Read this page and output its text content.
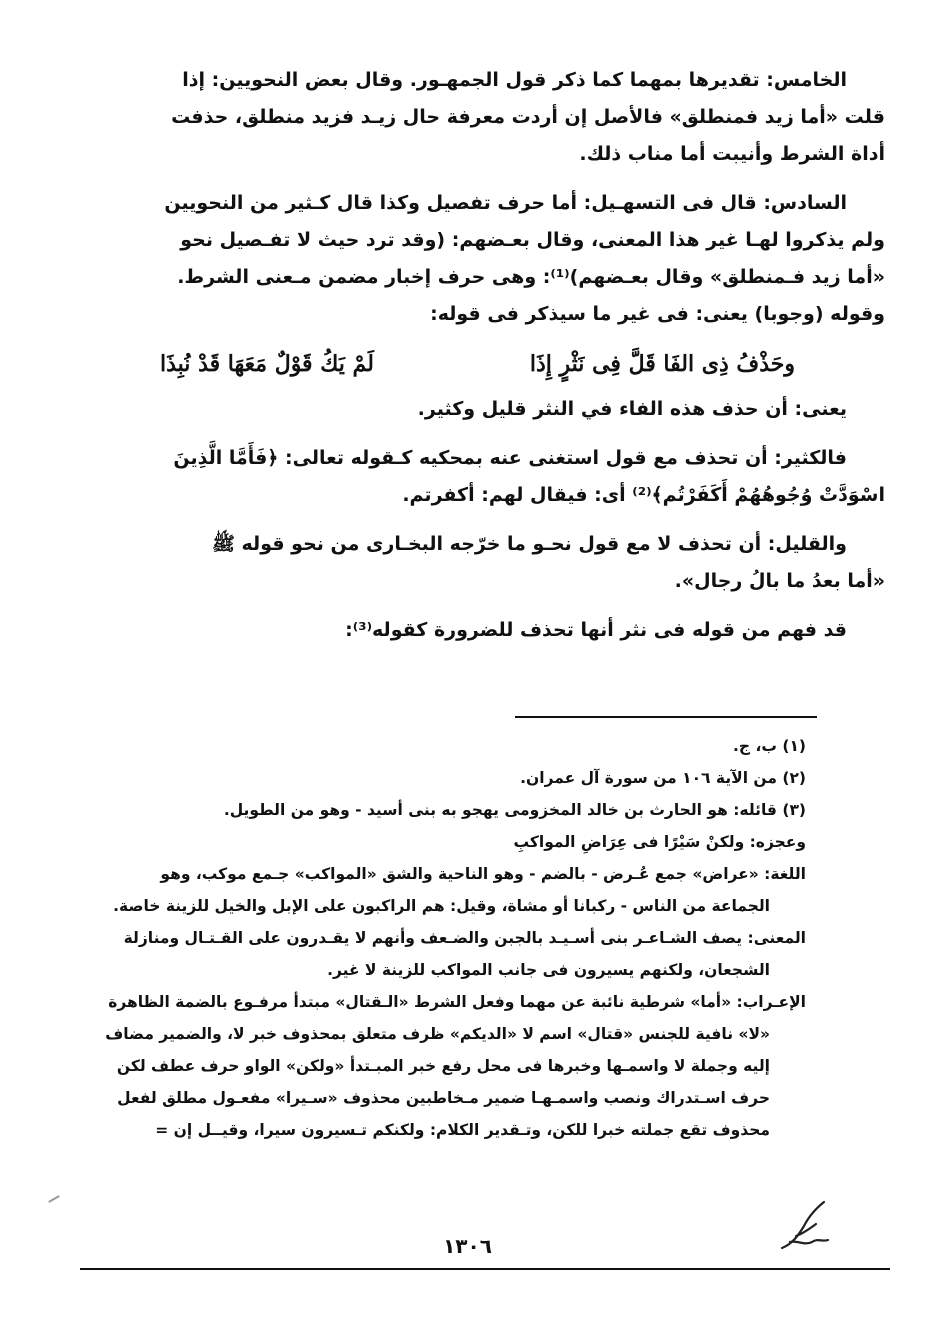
الخامس: تقديرها بمهما كما ذكر قول الجمهـور. وقال بعض النحويين: إذا
قلت «أما زيد فمنطلق» فالأصل إن أردت معرفة حال زيـد فزيد منطلق، حذفت
أداة الشرط وأنيبت أما مناب ذلك.
السادس: قال فى التسهـيل: أما حرف تفصيل وكذا قال كـثير من النحويين
ولم يذكروا لهـا غير هذا المعنى، وقال بعـضهم: (وقد ترد حيث لا تفـصيل نحو
«أما زيد فـمنطلق» وقال بعـضهم)⁽¹⁾: وهى حرف إخبار مضمن مـعنى الشرط.
وقوله (وجوبا) يعنى: فى غير ما سيذكر فى قوله:
وحَذْفُ ذِى الفَا قَلَّ فِى نَثْرٍ إِذَا
لَمْ يَكُ قَوْلٌ مَعَهَا قَدْ نُبِذَا
يعنى: أن حذف هذه الفاء في النثر قليل وكثير.
فالكثير: أن تحذف مع قول استغنى عنه بمحكيه كـقوله تعالى: ﴿فَأَمَّا الَّذِينَ
اسْوَدَّتْ وُجُوهُهُمْ أَكَفَرْتُم﴾⁽²⁾ أى: فيقال لهم: أكفرتم.
والقليل: أن تحذف لا مع قول نحـو ما خرّجه البخـارى من نحو قوله ﷺ
«أما بعدُ ما بالُ رجال».
قد فهم من قوله فى نثر أنها تحذف للضرورة كقوله⁽³⁾:
(١) ب، ج.
(٢) من الآية ١٠٦ من سورة آل عمران.
(٣) قائله: هو الحارث بن خالد المخزومى يهجو به بنى أسيد - وهو من الطويل.
وعجزه: ولكنْ سَيْرًا فى عِرَاضِ المواكبِ
اللغة: «عراض» جمع عُـرض - بالضم - وهو الناحية والشق «المواكب» جـمع موكب، وهو
الجماعة من الناس - ركبانا أو مشاة، وقيل: هم الراكبون على الإبل والخيل للزينة خاصة.
المعنى: يصف الشـاعـر بنى أسـيـد بالجبن والضـعف وأنهم لا يقـدرون على القـتـال ومنازلة
الشجعان، ولكنهم يسيرون فى جانب المواكب للزينة لا غير.
الإعـراب: «أما» شرطية نائبة عن مهما وفعل الشرط «الـقتال» مبتدأ مرفـوع بالضمة الظاهرة
«لا» نافية للجنس «قتال» اسم لا «الديكم» ظرف متعلق بمحذوف خبر لا، والضمير مضاف
إليه وجملة لا واسمـها وخبرها فى محل رفع خبر المبـتدأ «ولكن» الواو حرف عطف لكن
حرف اسـتدراك ونصب واسمـهـا ضمير مـخاطبين محذوف «سـيرا» مفعـول مطلق لفعل
محذوف تقع جملته خبرا للكن، وتـقدير الكلام: ولكنكم تـسيرون سيرا، وقيــل إن =
١٣٠٦
